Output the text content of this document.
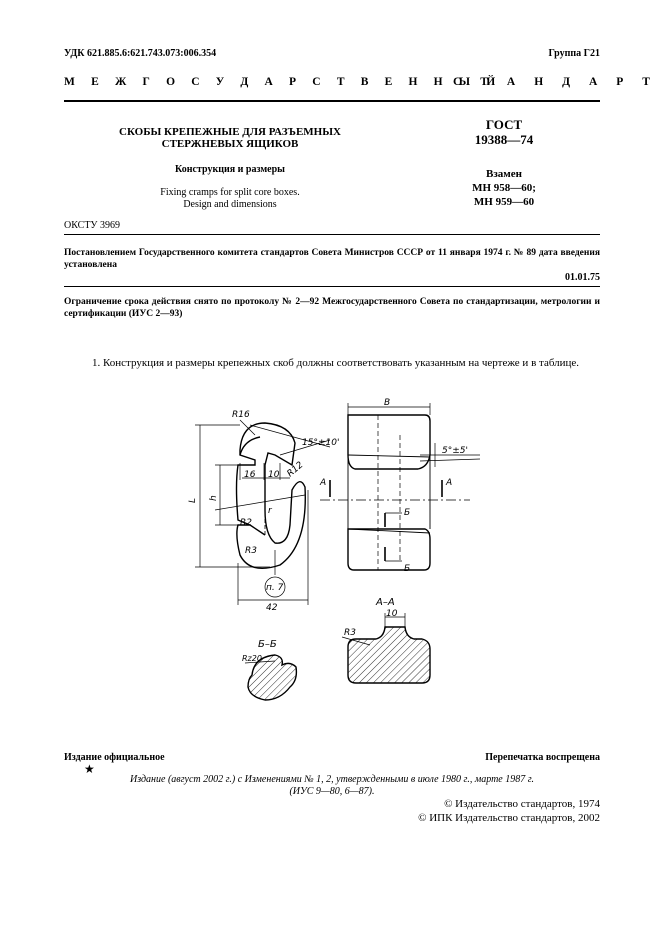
УДК 621.885.6:621.743.073:006.354	Группа Г21
М Е Ж Г О С У Д А Р С Т В Е Н Н Ы Й
С Т А Н Д А Р Т
СКОБЫ КРЕПЕЖНЫЕ ДЛЯ РАЗЪЕМНЫХ
СТЕРЖНЕВЫХ ЯЩИКОВ
Конструкция и размеры
Fixing cramps for split core boxes.
Design and dimensions
ГОСТ
19388—74
Взамен
МН 958—60;
МН 959—60
ОКСТУ 3969
Постановлением Государственного комитета стандартов Совета Министров СССР от 11 января 1974 г. № 89 дата введения установлена
01.01.75
Ограничение срока действия снято по протоколу № 2—92 Межгосударственного Совета по стандартизации, метрологии и сертификации (ИУС 2—93)
1. Конструкция и размеры крепежных скоб должны соответствовать указанным на чертеже и в таблице.
R16
15°±10'
R12
16 10
L h
R2
R3
r
п. 7
42
B
5°±5'
A	A
Б
Б
А–А
10
R3
Б–Б
Rz20
Издание официальное	Перепечатка воспрещена
★
Издание (август 2002 г.) с Изменениями № 1, 2, утвержденными в июле 1980 г., марте 1987 г.
(ИУС 9—80, 6—87).
© Издательство стандартов, 1974
© ИПК Издательство стандартов, 2002
